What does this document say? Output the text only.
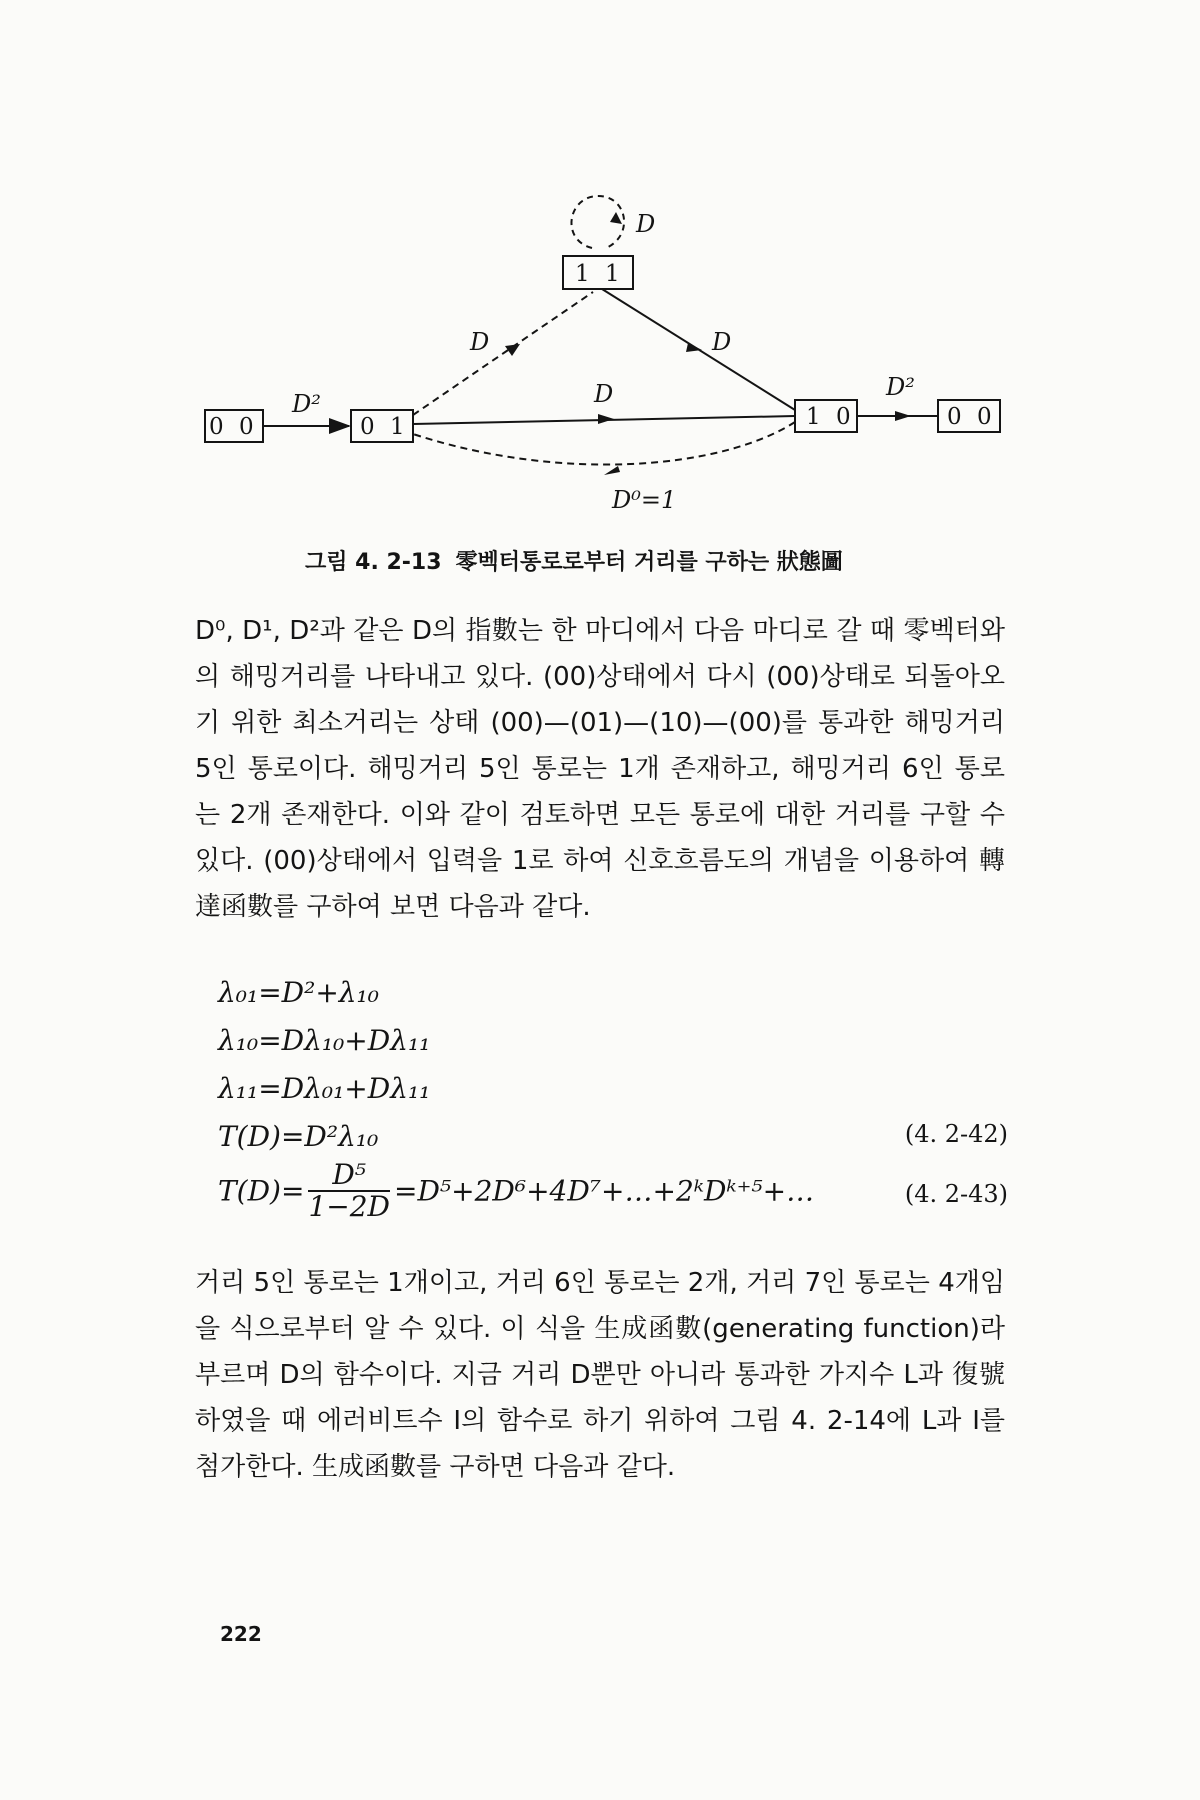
D
1 1
0 0	0 1	1 0	0 0
D²
D	D
D	D²
D⁰=1
그림 4. 2-13 零벡터통로로부터 거리를 구하는 狀態圖
D⁰, D¹, D²과 같은 D의 指數는 한 마디에서 다음 마디로 갈 때 零벡터와의 해밍거리를 나타내고 있다. (00)상태에서 다시 (00)상태로 되돌아오기 위한 최소거리는 상태 (00)—(01)—(10)—(00)를 통과한 해밍거리 5인 통로이다. 해밍거리 5인 통로는 1개 존재하고, 해밍거리 6인 통로는 2개 존재한다. 이와 같이 검토하면 모든 통로에 대한 거리를 구할 수 있다. (00)상태에서 입력을 1로 하여 신호흐름도의 개념을 이용하여 轉達函數를 구하여 보면 다음과 같다.
λ₀₁=D²+λ₁₀
λ₁₀=Dλ₁₀+Dλ₁₁
λ₁₁=Dλ₀₁+Dλ₁₁
T(D)=D²λ₁₀	(4. 2-42)
$T(D)= \frac{\text{D⁵}}{1-2D}$ =D⁵+2D⁶+4D⁷+…+2ᵏDᵏ⁺⁵+…	(4. 2-43)
거리 5인 통로는 1개이고, 거리 6인 통로는 2개, 거리 7인 통로는 4개임을 식으로부터 알 수 있다. 이 식을 生成函數(generating function)라 부르며 D의 함수이다. 지금 거리 D뿐만 아니라 통과한 가지수 L과 復號하였을 때 에러비트수 I의 함수로 하기 위하여 그림 4. 2-14에 L과 I를 첨가한다. 生成函數를 구하면 다음과 같다.
222
